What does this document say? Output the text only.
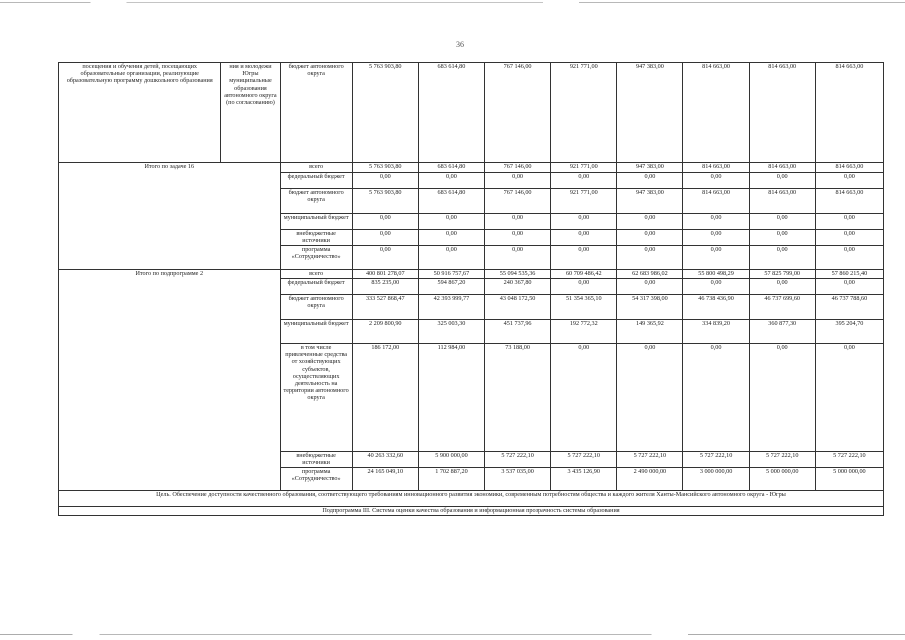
36
посещения и обучения детей, посещающих образовательные организации, реализующие образовательную программу дошкольного образования	ния и молодежи Югры муниципальные образования автономного округа (по согласованию)	бюджет автономного округа	5 763 903,80	683 614,80	767 146,00	921 771,00	947 383,00	814 663,00	814 663,00	814 663,00
Итого по задаче 16		всего	5 763 903,80	683 614,80	767 146,00	921 771,00	947 383,00	814 663,00	814 663,00	814 663,00
		федеральный бюджет	0,00	0,00	0,00	0,00	0,00	0,00	0,00	0,00
		бюджет автономного округа	5 763 903,80	683 614,80	767 146,00	921 771,00	947 383,00	814 663,00	814 663,00	814 663,00
		муниципальный бюджет	0,00	0,00	0,00	0,00	0,00	0,00	0,00	0,00
		внебюджетные источники	0,00	0,00	0,00	0,00	0,00	0,00	0,00	0,00
		программа «Сотрудничество»	0,00	0,00	0,00	0,00	0,00	0,00	0,00	0,00
Итого по подпрограмме 2		всего	400 801 278,07	50 916 757,67	55 094 535,36	60 709 486,42	62 683 986,02	55 800 498,29	57 825 799,00	57 860 215,40
		федеральный бюджет	835 235,00	594 867,20	240 367,80	0,00	0,00	0,00	0,00	0,00
		бюджет автономного округа	333 527 868,47	42 393 999,77	43 048 172,50	51 354 365,10	54 317 398,00	46 738 436,90	46 737 699,60	46 737 788,60
		муниципальный бюджет	2 209 800,90	325 003,30	451 737,96	192 772,32	149 365,92	334 839,20	360 877,30	395 204,70
		в том числе привлеченные средства от хозяйствующих субъектов, осуществляющих деятельность на территории автономного округа	186 172,00	112 984,00	73 188,00	0,00	0,00	0,00	0,00	0,00
		внебюджетные источники	40 263 332,60	5 900 000,00	5 727 222,10	5 727 222,10	5 727 222,10	5 727 222,10	5 727 222,10	5 727 222,10
		программа «Сотрудничество»	24 165 049,10	1 702 887,20	3 537 035,00	3 435 126,90	2 490 000,00	3 000 000,00	5 000 000,00	5 000 000,00
Цель. Обеспечение доступности качественного образования, соответствующего требованиям инновационного развития экономики, современным потребностям общества и каждого жителя Ханты-Мансийского автономного округа - Югры										
Подпрограмма III. Система оценки качества образования и информационная прозрачность системы образования										
